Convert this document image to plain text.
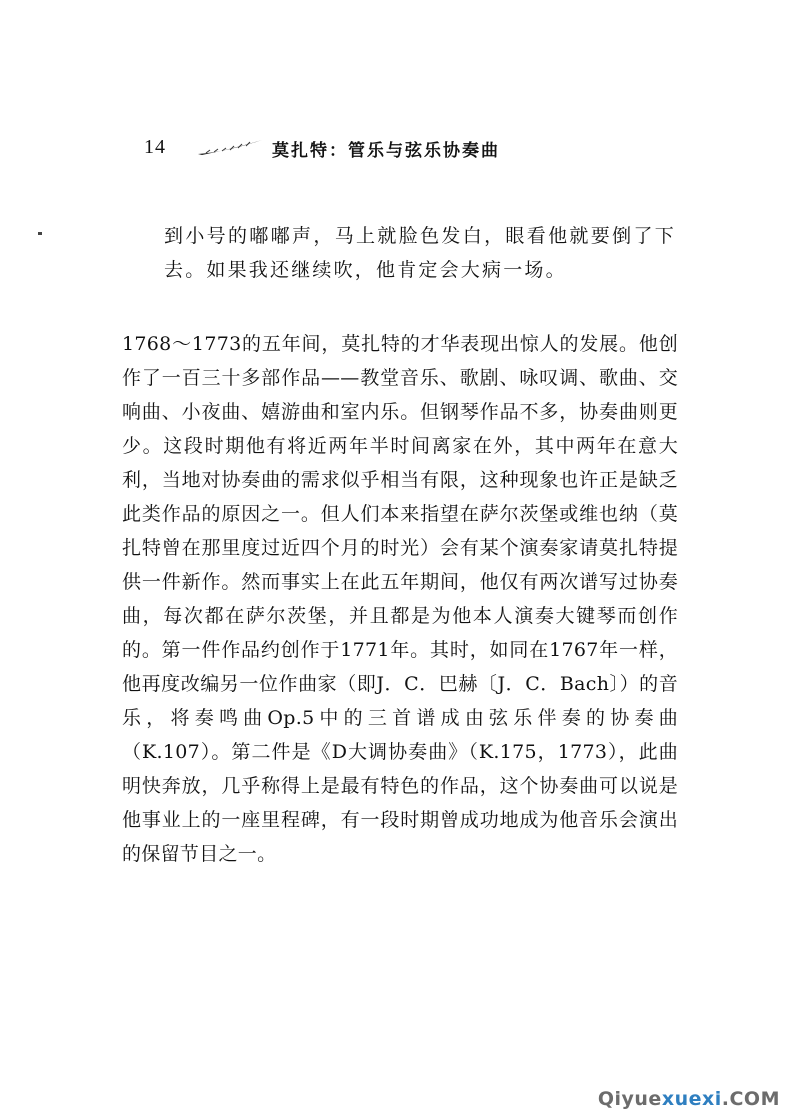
14	莫扎特：管乐与弦乐协奏曲

到小号的嘟嘟声，马上就脸色发白，眼看他就要倒了下去。如果我还继续吹，他肯定会大病一场。

1768～1773的五年间，莫扎特的才华表现出惊人的发展。他创作了一百三十多部作品——教堂音乐、歌剧、咏叹调、歌曲、交响曲、小夜曲、嬉游曲和室内乐。但钢琴作品不多，协奏曲则更少。这段时期他有将近两年半时间离家在外，其中两年在意大利，当地对协奏曲的需求似乎相当有限，这种现象也许正是缺乏此类作品的原因之一。但人们本来指望在萨尔茨堡或维也纳（莫扎特曾在那里度过近四个月的时光）会有某个演奏家请莫扎特提供一件新作。然而事实上在此五年期间，他仅有两次谱写过协奏曲，每次都在萨尔茨堡，并且都是为他本人演奏大键琴而创作的。第一件作品约创作于1771年。其时，如同在1767年一样，他再度改编另一位作曲家（即J．C．巴赫〔J．C．Bach〕）的音乐，将奏鸣曲Op.5中的三首谱成由弦乐伴奏的协奏曲（K.107）。第二件是《D大调协奏曲》（K.175，1773），此曲明快奔放，几乎称得上是最有特色的作品，这个协奏曲可以说是他事业上的一座里程碑，有一段时期曾成功地成为他音乐会演出的保留节目之一。

Qiyuexuexi.COM
